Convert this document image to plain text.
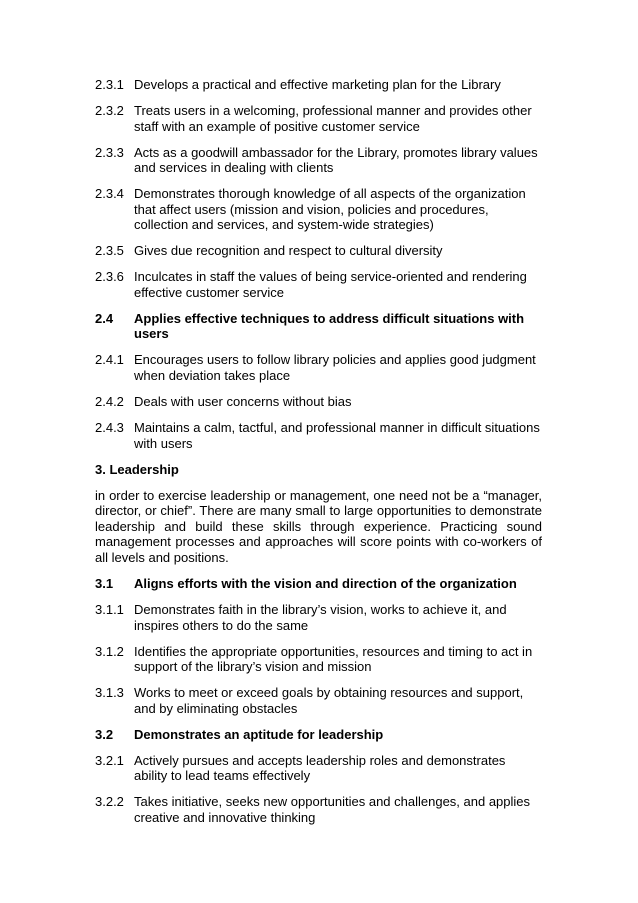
2.3.1 Develops a practical and effective marketing plan for the Library
2.3.2 Treats users in a welcoming, professional manner and provides other staff with an example of positive customer service
2.3.3 Acts as a goodwill ambassador for the Library, promotes library values and services in dealing with clients
2.3.4 Demonstrates thorough knowledge of all aspects of the organization that affect users (mission and vision, policies and procedures, collection and services, and system-wide strategies)
2.3.5 Gives due recognition and respect to cultural diversity
2.3.6 Inculcates in staff the values of being service-oriented and rendering effective customer service
2.4	Applies effective techniques to address difficult situations with users
2.4.1 Encourages users to follow library policies and applies good judgment when deviation takes place
2.4.2 Deals with user concerns without bias
2.4.3 Maintains a calm, tactful, and professional manner in difficult situations with users
3. Leadership
in order to exercise leadership or management, one need not be a “manager, director, or chief”. There are many small to large opportunities to demonstrate leadership and build these skills through experience. Practicing sound management processes and approaches will score points with co-workers of all levels and positions.
3.1	Aligns efforts with the vision and direction of the organization
3.1.1 Demonstrates faith in the library’s vision, works to achieve it, and inspires others to do the same
3.1.2 Identifies the appropriate opportunities, resources and timing to act in support of the library’s vision and mission
3.1.3 Works to meet or exceed goals by obtaining resources and support, and by eliminating obstacles
3.2	Demonstrates an aptitude for leadership
3.2.1 Actively pursues and accepts leadership roles and demonstrates ability to lead teams effectively
3.2.2 Takes initiative, seeks new opportunities and challenges, and applies creative and innovative thinking
